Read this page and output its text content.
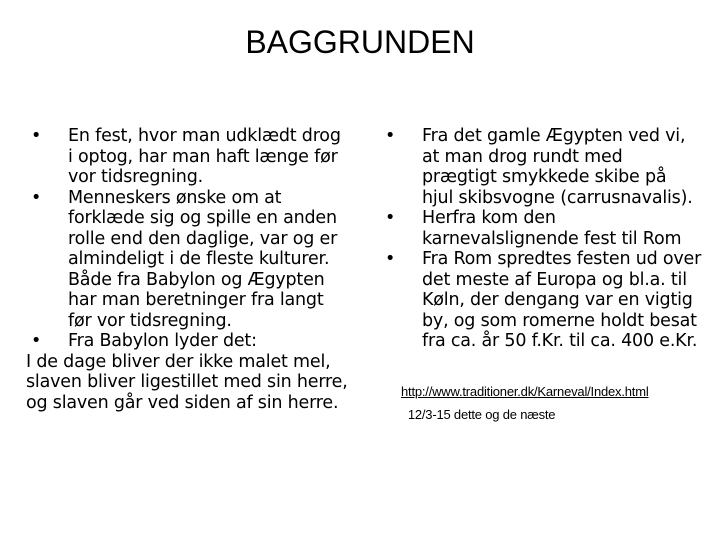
BAGGRUNDEN
• En fest, hvor man udklædt drog i optog, har man haft længe før vor tidsregning.
• Menneskers ønske om at forklæde sig og spille en anden rolle end den daglige, var og er almindeligt i de fleste kulturer. Både fra Babylon og Ægypten har man beretninger fra langt før vor tidsregning.
• Fra Babylon lyder det:
I de dage bliver der ikke malet mel, slaven bliver ligestillet med sin herre, og slaven går ved siden af sin herre.
• Fra det gamle Ægypten ved vi, at man drog rundt med prægtigt smykkede skibe på hjul skibsvogne (carrusnavalis).
• Herfra kom den karnevalslignende fest til Rom
• Fra Rom spredtes festen ud over det meste af Europa og bl.a. til Køln, der dengang var en vigtig by, og som romerne holdt besat fra ca. år 50 f.Kr. til ca. 400 e.Kr.
http://www.traditioner.dk/Karneval/Index.html  12/3-15 dette og de næste
